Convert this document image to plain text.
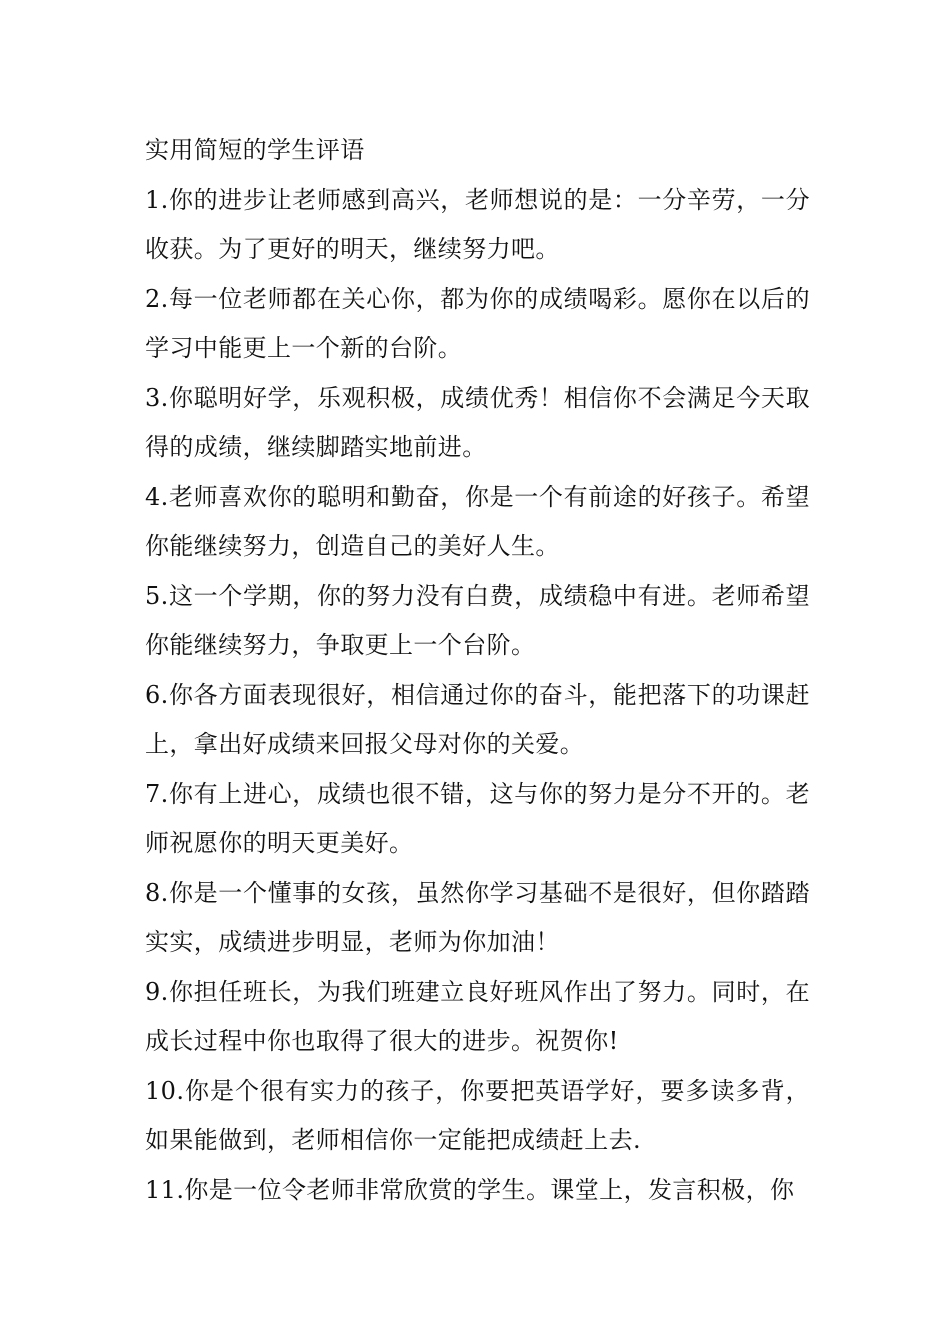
实用简短的学生评语

1.你的进步让老师感到高兴，老师想说的是：一分辛劳，一分收获。为了更好的明天，继续努力吧。

2.每一位老师都在关心你，都为你的成绩喝彩。愿你在以后的学习中能更上一个新的台阶。

3.你聪明好学，乐观积极，成绩优秀！相信你不会满足今天取得的成绩，继续脚踏实地前进。

4.老师喜欢你的聪明和勤奋，你是一个有前途的好孩子。希望你能继续努力，创造自己的美好人生。

5.这一个学期，你的努力没有白费，成绩稳中有进。老师希望你能继续努力，争取更上一个台阶。

6.你各方面表现很好，相信通过你的奋斗，能把落下的功课赶上，拿出好成绩来回报父母对你的关爱。

7.你有上进心，成绩也很不错，这与你的努力是分不开的。老师祝愿你的明天更美好。

8.你是一个懂事的女孩，虽然你学习基础不是很好，但你踏踏实实，成绩进步明显，老师为你加油！

9.你担任班长，为我们班建立良好班风作出了努力。同时，在成长过程中你也取得了很大的进步。祝贺你!

10.你是个很有实力的孩子，你要把英语学好，要多读多背，如果能做到，老师相信你一定能把成绩赶上去.

11.你是一位令老师非常欣赏的学生。课堂上，发言积极，你
